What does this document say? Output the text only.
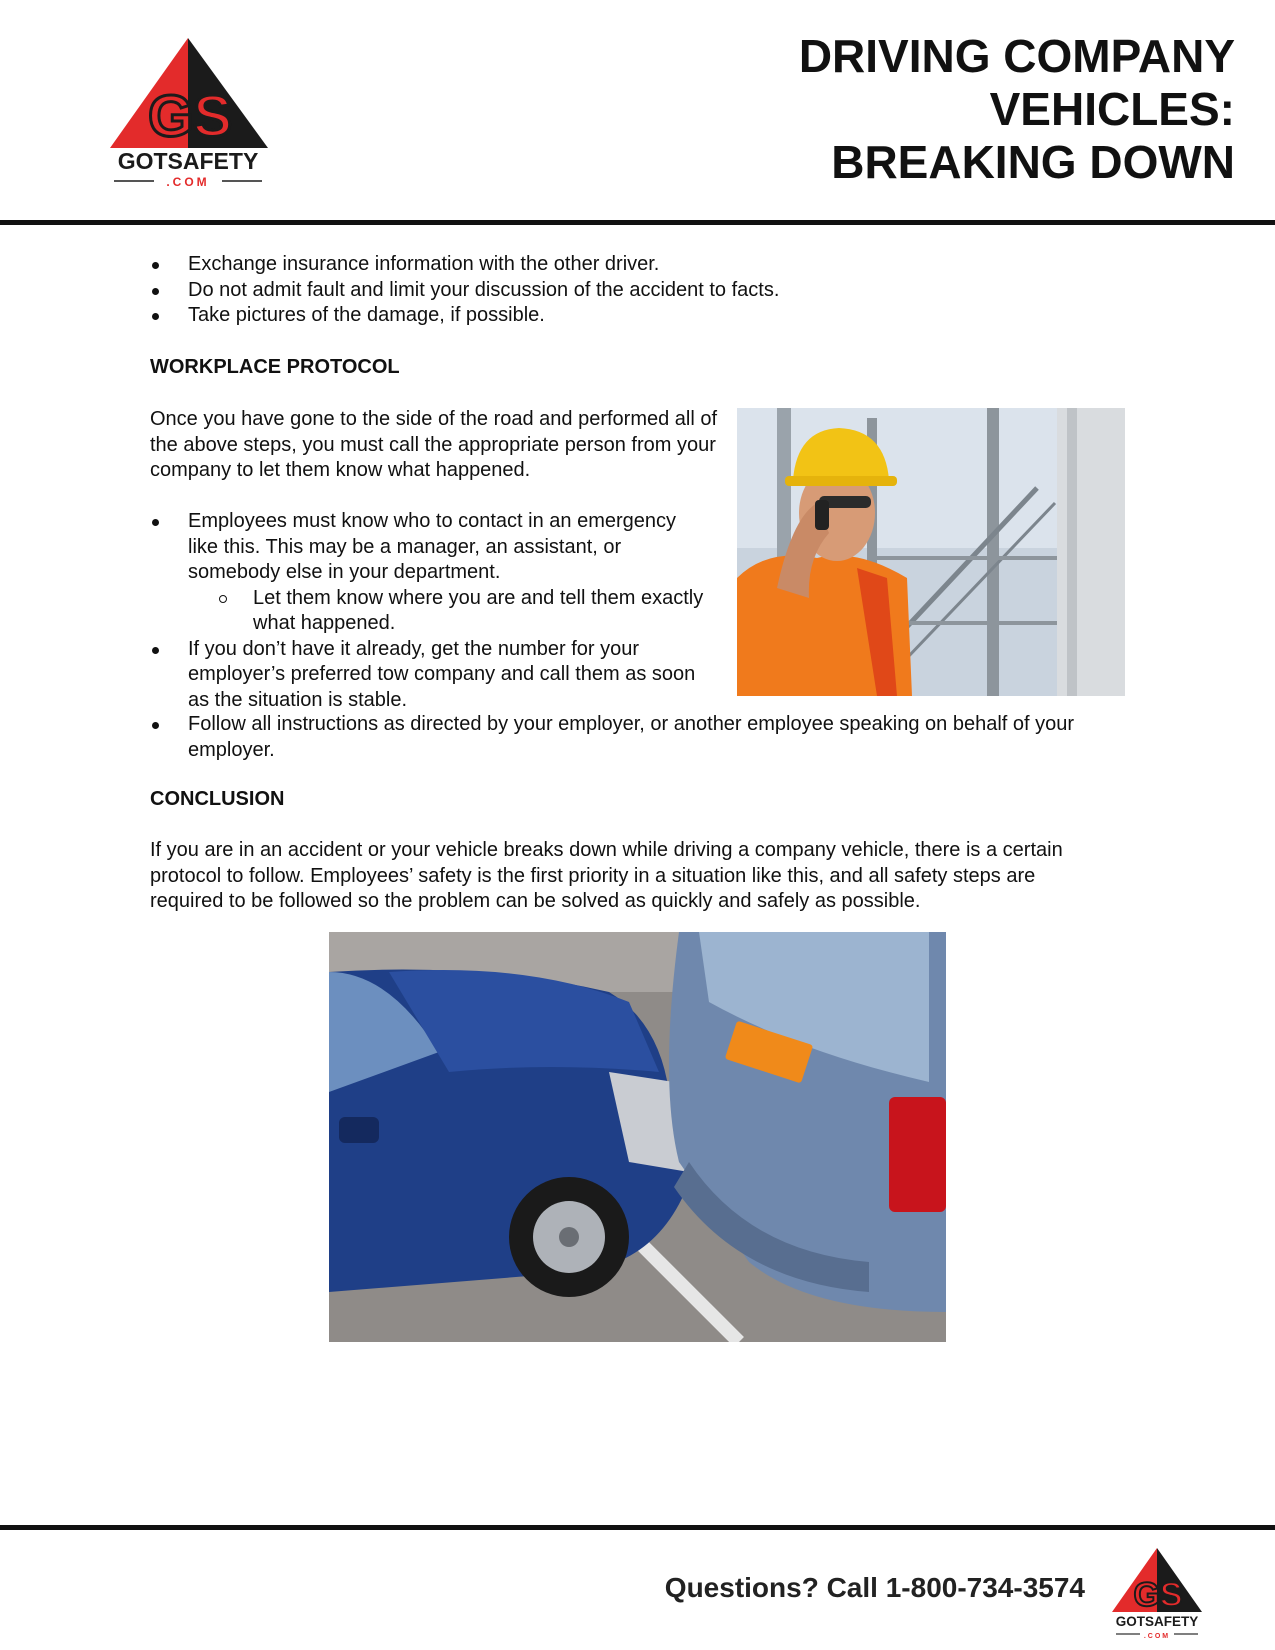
GS
GOTSAFETY
.COM
DRIVING COMPANY
VEHICLES:
BREAKING DOWN
Exchange insurance information with the other driver.
Do not admit fault and limit your discussion of the accident to facts.
Take pictures of the damage, if possible.
WORKPLACE PROTOCOL

Once you have gone to the side of the road and performed all of the above steps, you must call the appropriate person from your company to let them know what happened.

Employees must know who to contact in an emergency like this. This may be a manager, an assistant, or somebody else in your department.
Let them know where you are and tell them exactly what happened.
If you don’t have it already, get the number for your employer’s preferred tow company and call them as soon as the situation is stable.
Follow all instructions as directed by your employer, or another employee speaking on behalf of your employer.
CONCLUSION

If you are in an accident or your vehicle breaks down while driving a company vehicle, there is a certain protocol to follow. Employees’ safety is the first priority in a situation like this, and all safety steps are required to be followed so the problem can be solved as quickly and safely as possible.

Questions? Call 1-800-734-3574 GS
GOTSAFETY
.COM
